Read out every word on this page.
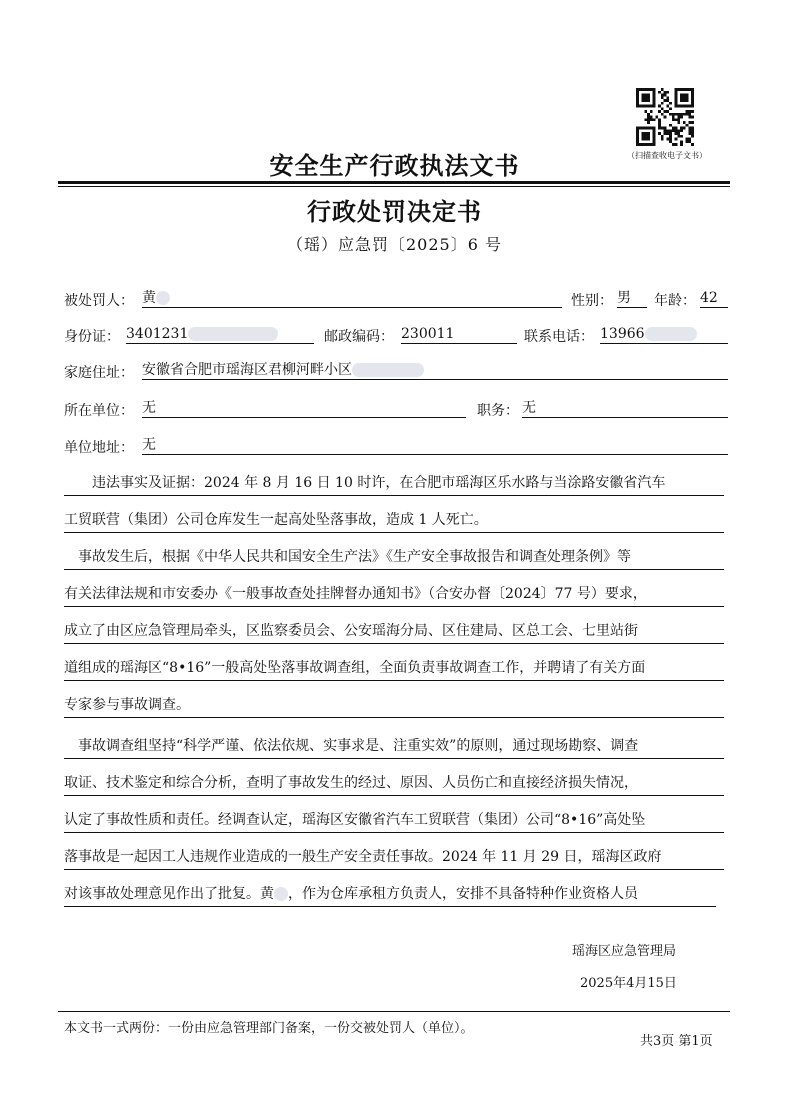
（扫描查收电子文书）
安全生产行政执法文书
行政处罚决定书
（瑶）应急罚〔2025〕6 号
被处罚人： 黄	性别： 男	年龄： 42
身份证： 3401231	邮政编码： 230011	联系电话： 13966
家庭住址： 安徽省合肥市瑶海区君柳河畔小区
所在单位： 无	职务： 无
单位地址： 无
违法事实及证据：2024 年 8 月 16 日 10 时许，在合肥市瑶海区乐水路与当涂路安徽省汽车
工贸联营（集团）公司仓库发生一起高处坠落事故，造成 1 人死亡。
事故发生后，根据《中华人民共和国安全生产法》《生产安全事故报告和调查处理条例》等
有关法律法规和市安委办《一般事故查处挂牌督办通知书》（合安办督〔2024〕77 号）要求，
成立了由区应急管理局牵头，区监察委员会、公安瑶海分局、区住建局、区总工会、七里站街
道组成的瑶海区“8•16”一般高处坠落事故调查组，全面负责事故调查工作，并聘请了有关方面
专家参与事故调查。
事故调查组坚持“科学严谨、依法依规、实事求是、注重实效”的原则，通过现场勘察、调查
取证、技术鉴定和综合分析，查明了事故发生的经过、原因、人员伤亡和直接经济损失情况，
认定了事故性质和责任。经调查认定，瑶海区安徽省汽车工贸联营（集团）公司“8•16”高处坠
落事故是一起因工人违规作业造成的一般生产安全责任事故。2024 年 11 月 29 日，瑶海区政府
对该事故处理意见作出了批复。黄 ，作为仓库承租方负责人，安排不具备特种作业资格人员
瑶海区应急管理局
2025年4月15日
本文书一式两份：一份由应急管理部门备案，一份交被处罚人（单位）。
共3页 第1页
